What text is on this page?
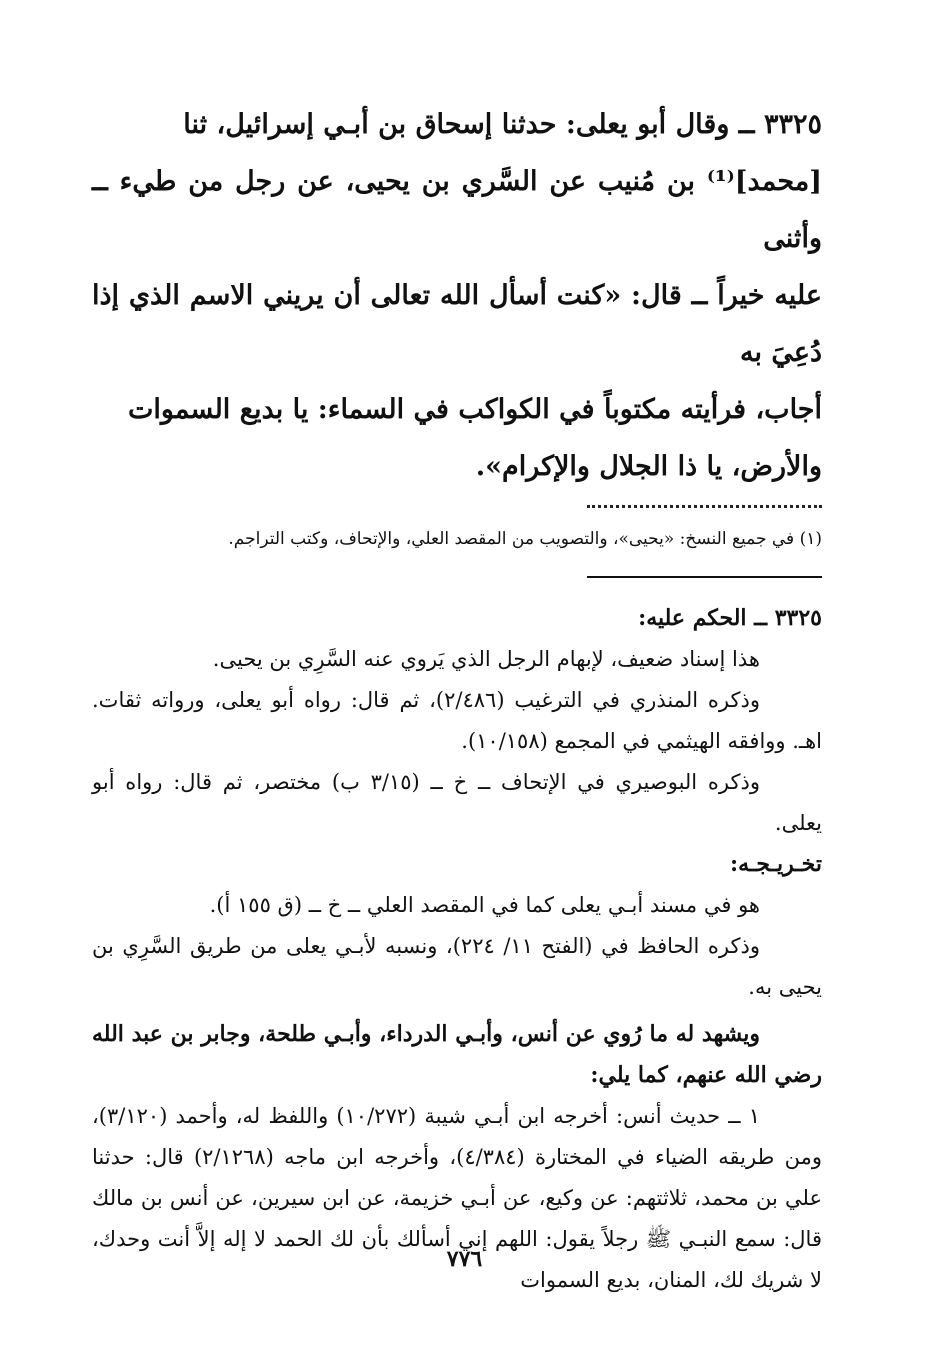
٣٣٢٥ ــ وقال أبو يعلى: حدثنا إسحاق بن أبـي إسرائيل، ثنا

[محمد]⁽¹⁾ بن مُنيب عن السَّري بن يحيى، عن رجل من طيء ــ وأثنى

عليه خيراً ــ قال: «كنت أسأل الله تعالى أن يريني الاسم الذي إذا دُعِيَ به

أجاب، فرأيته مكتوباً في الكواكب في السماء: يا بديع السموات

والأرض، يا ذا الجلال والإكرام».

(١) في جميع النسخ: «يحيى»، والتصويب من المقصد العلي، والإتحاف، وكتب التراجم.

٣٣٢٥ ــ الحكم عليه:

هذا إسناد ضعيف، لإبهام الرجل الذي يَروي عنه السَّرِي بن يحيى.

وذكره المنذري في الترغيب (٢/٤٨٦)، ثم قال: رواه أبو يعلى، ورواته ثقات. اهـ. ووافقه الهيثمي في المجمع (١٠/١٥٨).

وذكره البوصيري في الإتحاف ــ خ ــ (٣/١٥ ب) مختصر، ثم قال: رواه أبو يعلى.

تخـريـجـه:

هو في مسند أبـي يعلى كما في المقصد العلي ــ خ ــ (ق ١٥٥ أ).

وذكره الحافظ في (الفتح ١١/ ٢٢٤)، ونسبه لأبـي يعلى من طريق السَّرِي بن يحيى به.

ويشهد له ما رُوي عن أنس، وأبـي الدرداء، وأبـي طلحة، وجابر بن عبد الله رضي الله عنهم، كما يلي:

١ ــ حديث أنس: أخرجه ابن أبـي شيبة (١٠/٢٧٢) واللفظ له، وأحمد (٣/١٢٠)، ومن طريقه الضياء في المختارة (٤/٣٨٤)، وأخرجه ابن ماجه (٢/١٢٦٨) قال: حدثنا علي بن محمد، ثلاثتهم: عن وكيع، عن أبـي خزيمة، عن ابن سيرين، عن أنس بن مالك قال: سمع النبـي ﷺ رجلاً يقول: اللهم إني أسألك بأن لك الحمد لا إله إلاَّ أنت وحدك، لا شريك لك، المنان، بديع السموات

٧٧٦
